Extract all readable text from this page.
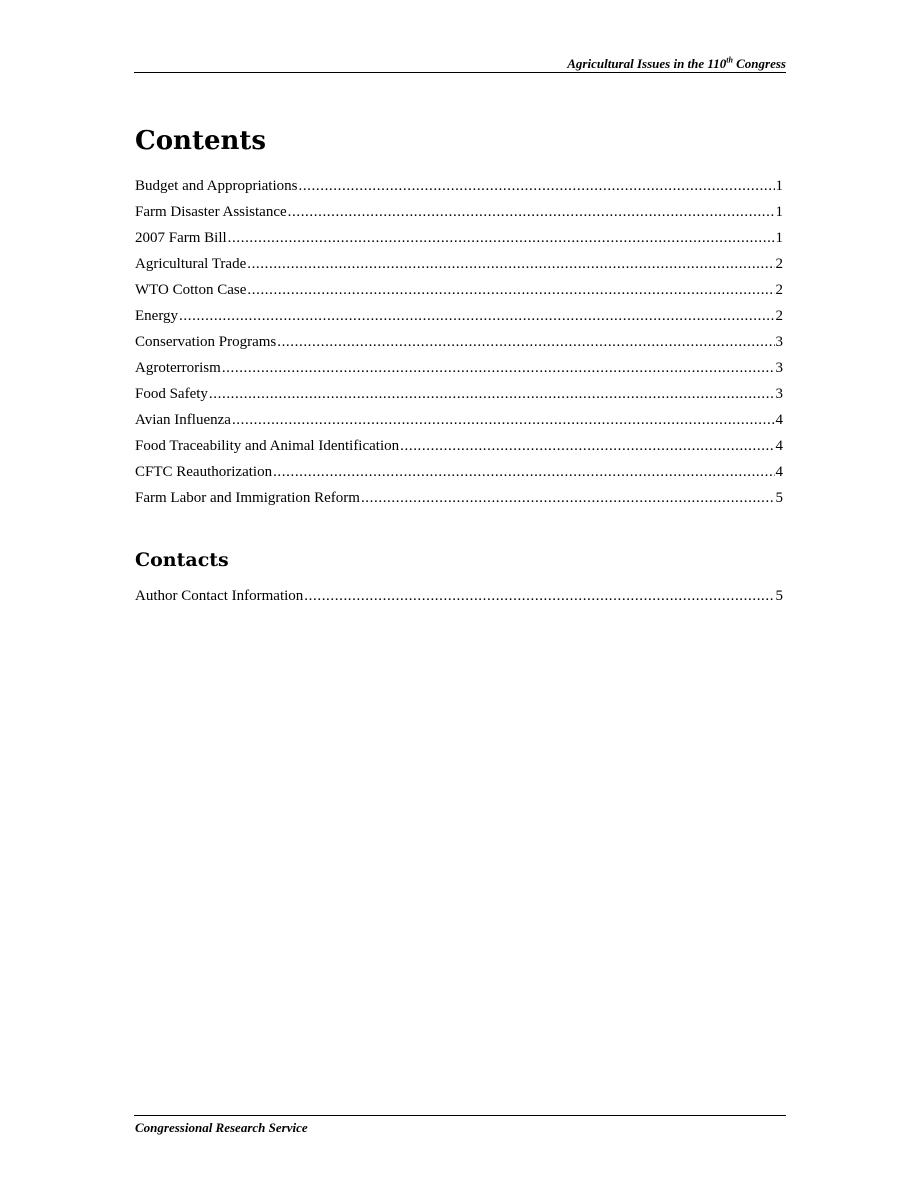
Agricultural Issues in the 110th Congress
Contents
Budget and Appropriations .....	1
Farm Disaster Assistance .....	1
2007 Farm Bill .....	1
Agricultural Trade .....	2
WTO Cotton Case .....	2
Energy .....	2
Conservation Programs .....	3
Agroterrorism .....	3
Food Safety .....	3
Avian Influenza .....	4
Food Traceability and Animal Identification .....	4
CFTC Reauthorization .....	4
Farm Labor and Immigration Reform .....	5
Contacts
Author Contact Information .....	5
Congressional Research Service
